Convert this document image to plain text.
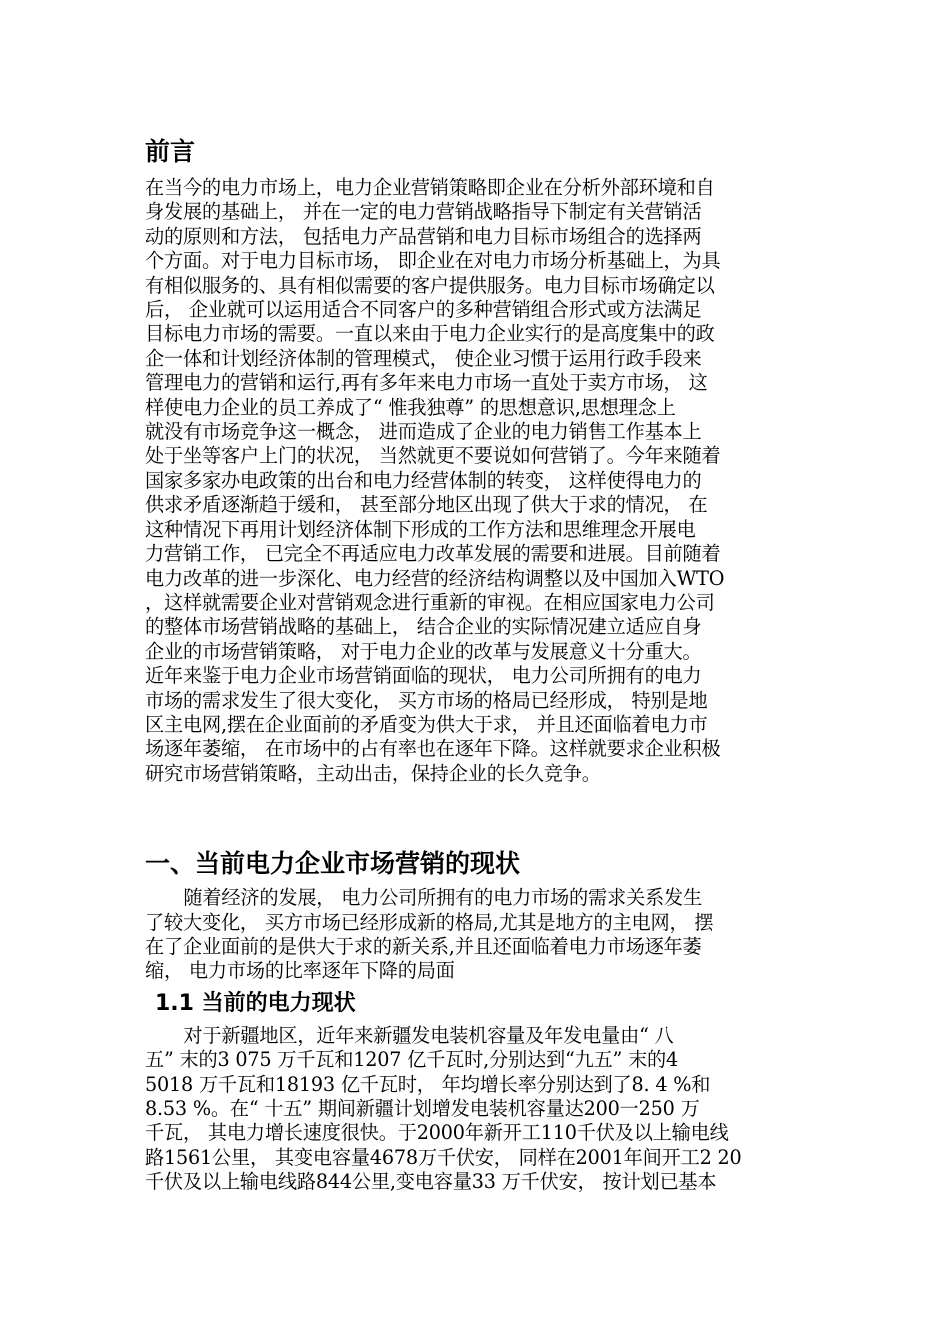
前言

在当今的电力市场上，电力企业营销策略即企业在分析外部环境和自
身发展的基础上， 并在一定的电力营销战略指导下制定有关营销活
动的原则和方法， 包括电力产品营销和电力目标市场组合的选择两
个方面。对于电力目标市场， 即企业在对电力市场分析基础上，为具
有相似服务的、具有相似需要的客户提供服务。电力目标市场确定以
后， 企业就可以运用适合不同客户的多种营销组合形式或方法满足
目标电力市场的需要。一直以来由于电力企业实行的是高度集中的政
企一体和计划经济体制的管理模式， 使企业习惯于运用行政手段来
管理电力的营销和运行,再有多年来电力市场一直处于卖方市场， 这
样使电力企业的员工养成了“ 惟我独尊” 的思想意识,思想理念上
就没有市场竞争这一概念， 进而造成了企业的电力销售工作基本上
处于坐等客户上门的状况， 当然就更不要说如何营销了。今年来随着
国家多家办电政策的出台和电力经营体制的转变， 这样使得电力的
供求矛盾逐渐趋于缓和， 甚至部分地区出现了供大于求的情况， 在
这种情况下再用计划经济体制下形成的工作方法和思维理念开展电
力营销工作， 已完全不再适应电力改革发展的需要和进展。目前随着
电力改革的进一步深化、电力经营的经济结构调整以及中国加入WTO
，这样就需要企业对营销观念进行重新的审视。在相应国家电力公司
的整体市场营销战略的基础上， 结合企业的实际情况建立适应自身
企业的市场营销策略， 对于电力企业的改革与发展意义十分重大。
近年来鉴于电力企业市场营销面临的现状， 电力公司所拥有的电力
市场的需求发生了很大变化， 买方市场的格局已经形成， 特别是地
区主电网,摆在企业面前的矛盾变为供大于求， 并且还面临着电力市
场逐年萎缩， 在市场中的占有率也在逐年下降。这样就要求企业积极
研究市场营销策略，主动出击，保持企业的长久竞争。

一、当前电力企业市场营销的现状

随着经济的发展， 电力公司所拥有的电力市场的需求关系发生
了较大变化， 买方市场已经形成新的格局,尤其是地方的主电网， 摆
在了企业面前的是供大于求的新关系,并且还面临着电力市场逐年萎
缩， 电力市场的比率逐年下降的局面

1.1 当前的电力现状

对于新疆地区，近年来新疆发电装机容量及年发电量由“ 八
五” 末的3 075 万千瓦和1207 亿千瓦时,分别达到“九五” 末的4
5018 万千瓦和18193 亿千瓦时， 年均增长率分别达到了8. 4 %和
8.53 %。在“ 十五” 期间新疆计划增发电装机容量达200一250 万
千瓦， 其电力增长速度很快。于2000年新开工110千伏及以上输电线
路1561公里， 其变电容量4678万千伏安， 同样在2001年间开工2 20
千伏及以上输电线路844公里,变电容量33 万千伏安， 按计划已基本
